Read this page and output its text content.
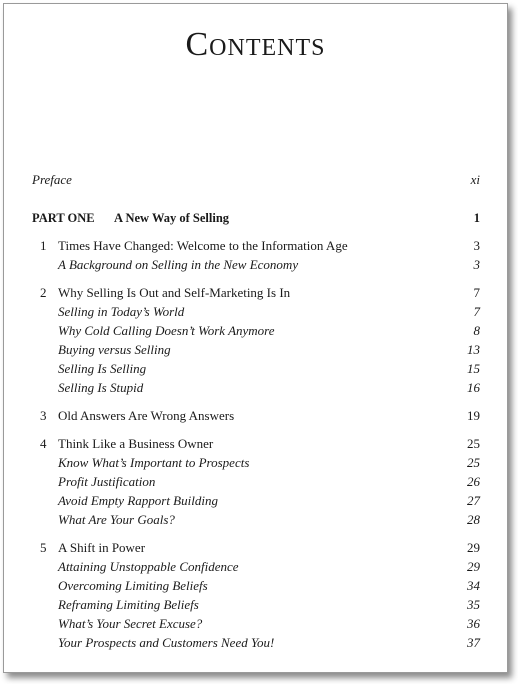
Contents
Preface	xi
PART ONE A New Way of Selling	1
1 Times Have Changed: Welcome to the Information Age	3
A Background on Selling in the New Economy	3
2 Why Selling Is Out and Self-Marketing Is In	7
Selling in Today’s World	7
Why Cold Calling Doesn’t Work Anymore	8
Buying versus Selling	13
Selling Is Selling	15
Selling Is Stupid	16
3 Old Answers Are Wrong Answers	19
4 Think Like a Business Owner	25
Know What’s Important to Prospects	25
Profit Justification	26
Avoid Empty Rapport Building	27
What Are Your Goals?	28
5 A Shift in Power	29
Attaining Unstoppable Confidence	29
Overcoming Limiting Beliefs	34
Reframing Limiting Beliefs	35
What’s Your Secret Excuse?	36
Your Prospects and Customers Need You!	37
